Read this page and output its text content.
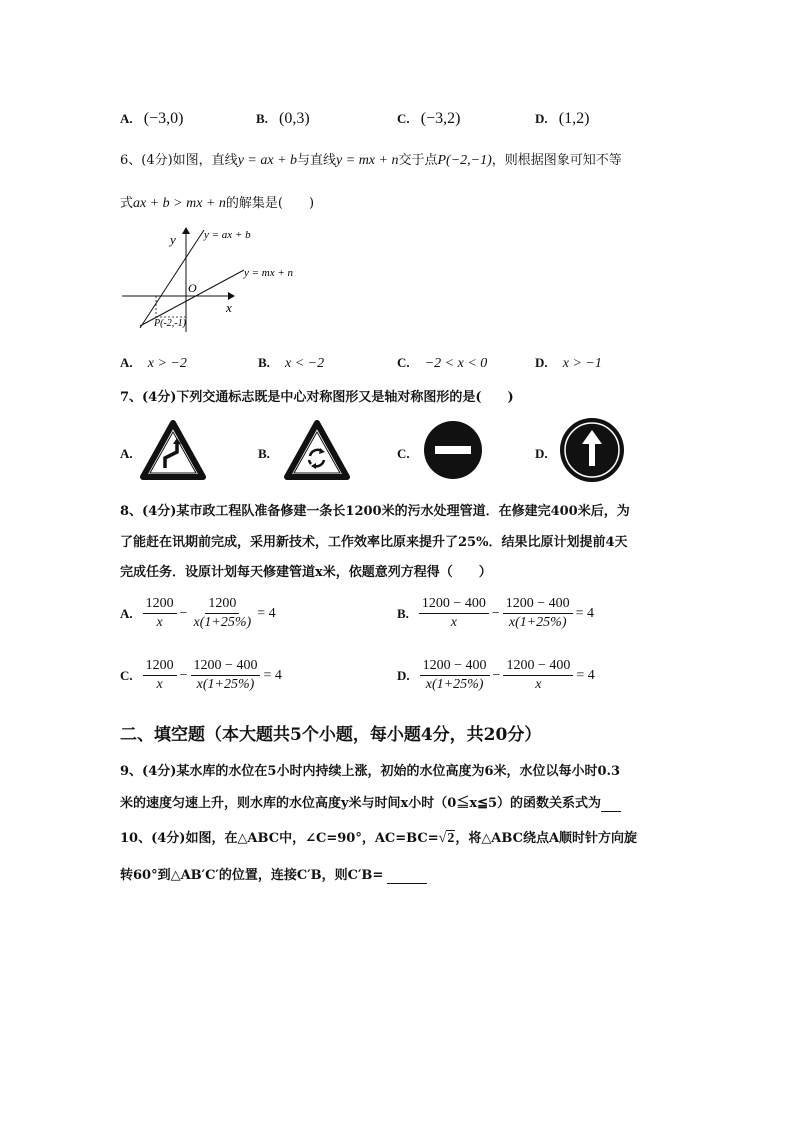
A. (−3,0)	B. (0,3)	C. (−3,2)	D. (1,2)
6、(4分)如图，直线y = ax + b与直线y = mx + n交于点P(−2,−1)，则根据图象可知不等
式ax + b > mx + n的解集是(　　)
y
x
O
y = ax + b
y = mx + n
P(-2,-1)
A. x > −2	B. x < −2	C. −2 < x < 0	D. x > −1
7、(4分)下列交通标志既是中心对称图形又是轴对称图形的是(　　)
A.	B.	C.	D.
8、(4分)某市政工程队准备修建一条长1200米的污水处理管道．在修建完400米后，为
了能赶在讯期前完成，采用新技术，工作效率比原来提升了25%．结果比原计划提前4天
完成任务．设原计划每天修建管道x米，依题意列方程得（　　）
A. $\frac{1200}{x} - \frac{1200}{x(1+25\%)} = 4$	B. $\frac{1200 - 400}{x} - \frac{1200 - 400}{x(1+25\%)} = 4$
C. $\frac{1200}{x} - \frac{1200 - 400}{x(1+25\%)} = 4$	D. $\frac{1200 - 400}{x(1+25\%)} - \frac{1200 - 400}{x} = 4$
二、填空题（本大题共5个小题，每小题4分，共20分）
9、(4分)某水库的水位在5小时内持续上涨，初始的水位高度为6米，水位以每小时0.3
米的速度匀速上升，则水库的水位高度y米与时间x小时（0≦x≦5）的函数关系式为
10、(4分)如图，在△ABC中，∠C=90°，AC=BC=√2，将△ABC绕点A顺时针方向旋
转60°到△AB′C′的位置，连接C′B，则C′B=
